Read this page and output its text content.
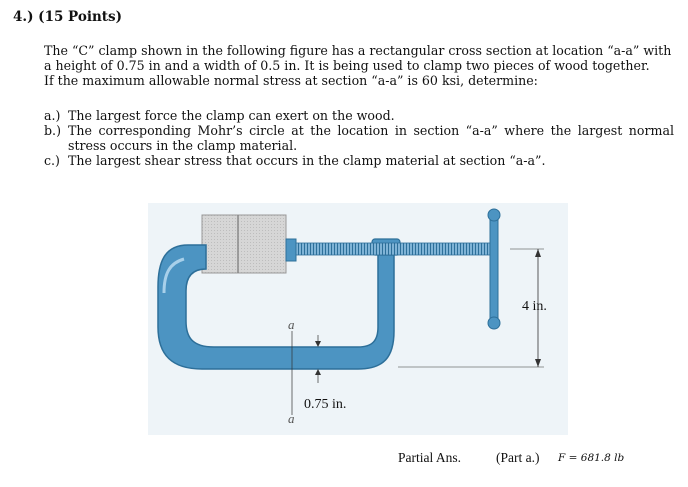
4.) (15 Points)
The “C” clamp shown in the following figure has a rectangular cross section at location “a-a” with
a height of 0.75 in and a width of 0.5 in. It is being used to clamp two pieces of wood together.
If the maximum allowable normal stress at section “a-a” is 60 ksi, determine:
a.) The largest force the clamp can exert on the wood.
b.) The corresponding Mohr’s circle at the location in section “a-a” where the largest normal stress occurs in the clamp material.
c.) The largest shear stress that occurs in the clamp material at section “a-a”.
a
a
0.75 in.
4 in.
Partial Ans.	(Part a.) F = 681.8 lb
